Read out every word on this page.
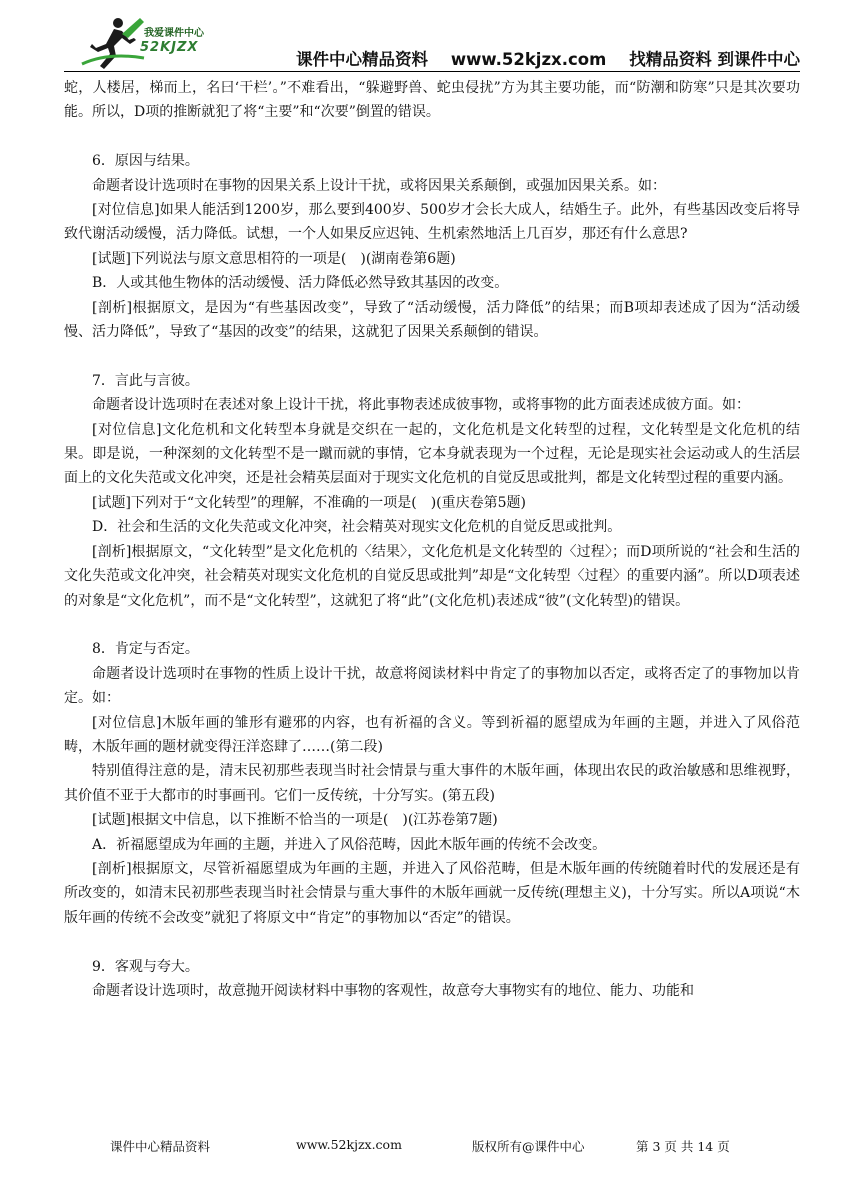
我爱课件中心
52KJZX
课件中心精品资料    www.52kjzx.com    找精品资料 到课件中心

蛇，人楼居，梯而上，名曰‘干栏’。”不难看出，“躲避野兽、蛇虫侵扰”方为其主要功能，而“防潮和防寒”只是其次要功能。所以，D项的推断就犯了将“主要”和“次要”倒置的错误。

6．原因与结果。

命题者设计选项时在事物的因果关系上设计干扰，或将因果关系颠倒，或强加因果关系。如：

[对位信息]如果人能活到1200岁，那么要到400岁、500岁才会长大成人，结婚生子。此外，有些基因改变后将导致代谢活动缓慢，活力降低。试想，一个人如果反应迟钝、生机索然地活上几百岁，那还有什么意思?

[试题]下列说法与原文意思相符的一项是(　)(湖南卷第6题)

B．人或其他生物体的活动缓慢、活力降低必然导致其基因的改变。

[剖析]根据原文，是因为“有些基因改变”，导致了“活动缓慢，活力降低”的结果；而B项却表述成了因为“活动缓慢、活力降低”，导致了“基因的改变”的结果，这就犯了因果关系颠倒的错误。

7．言此与言彼。

命题者设计选项时在表述对象上设计干扰，将此事物表述成彼事物，或将事物的此方面表述成彼方面。如：

[对位信息]文化危机和文化转型本身就是交织在一起的，文化危机是文化转型的过程，文化转型是文化危机的结果。即是说，一种深刻的文化转型不是一蹴而就的事情，它本身就表现为一个过程，无论是现实社会运动或人的生活层面上的文化失范或文化冲突，还是社会精英层面对于现实文化危机的自觉反思或批判，都是文化转型过程的重要内涵。

[试题]下列对于“文化转型”的理解，不准确的一项是(　)(重庆卷第5题)

D．社会和生活的文化失范或文化冲突，社会精英对现实文化危机的自觉反思或批判。

[剖析]根据原文，“文化转型”是文化危机的〈结果〉，文化危机是文化转型的〈过程〉；而D项所说的“社会和生活的文化失范或文化冲突，社会精英对现实文化危机的自觉反思或批判”却是“文化转型〈过程〉的重要内涵”。所以D项表述的对象是“文化危机”，而不是“文化转型”，这就犯了将“此”(文化危机)表述成“彼”(文化转型)的错误。

8．肯定与否定。

命题者设计选项时在事物的性质上设计干扰，故意将阅读材料中肯定了的事物加以否定，或将否定了的事物加以肯定。如：

[对位信息]木版年画的雏形有避邪的内容，也有祈福的含义。等到祈福的愿望成为年画的主题，并进入了风俗范畴，木版年画的题材就变得汪洋恣肆了……(第二段)

特别值得注意的是，清末民初那些表现当时社会情景与重大事件的木版年画，体现出农民的政治敏感和思维视野，其价值不亚于大都市的时事画刊。它们一反传统，十分写实。(第五段)

[试题]根据文中信息，以下推断不恰当的一项是(　)(江苏卷第7题)

A．祈福愿望成为年画的主题，并进入了风俗范畴，因此木版年画的传统不会改变。

[剖析]根据原文，尽管祈福愿望成为年画的主题，并进入了风俗范畴，但是木版年画的传统随着时代的发展还是有所改变的，如清末民初那些表现当时社会情景与重大事件的木版年画就一反传统(理想主义)，十分写实。所以A项说“木版年画的传统不会改变”就犯了将原文中“肯定”的事物加以“否定”的错误。

9．客观与夸大。

命题者设计选项时，故意抛开阅读材料中事物的客观性，故意夸大事物实有的地位、能力、功能和

课件中心精品资料	www.52kjzx.com	版权所有@课件中心	第 3 页 共 14 页
